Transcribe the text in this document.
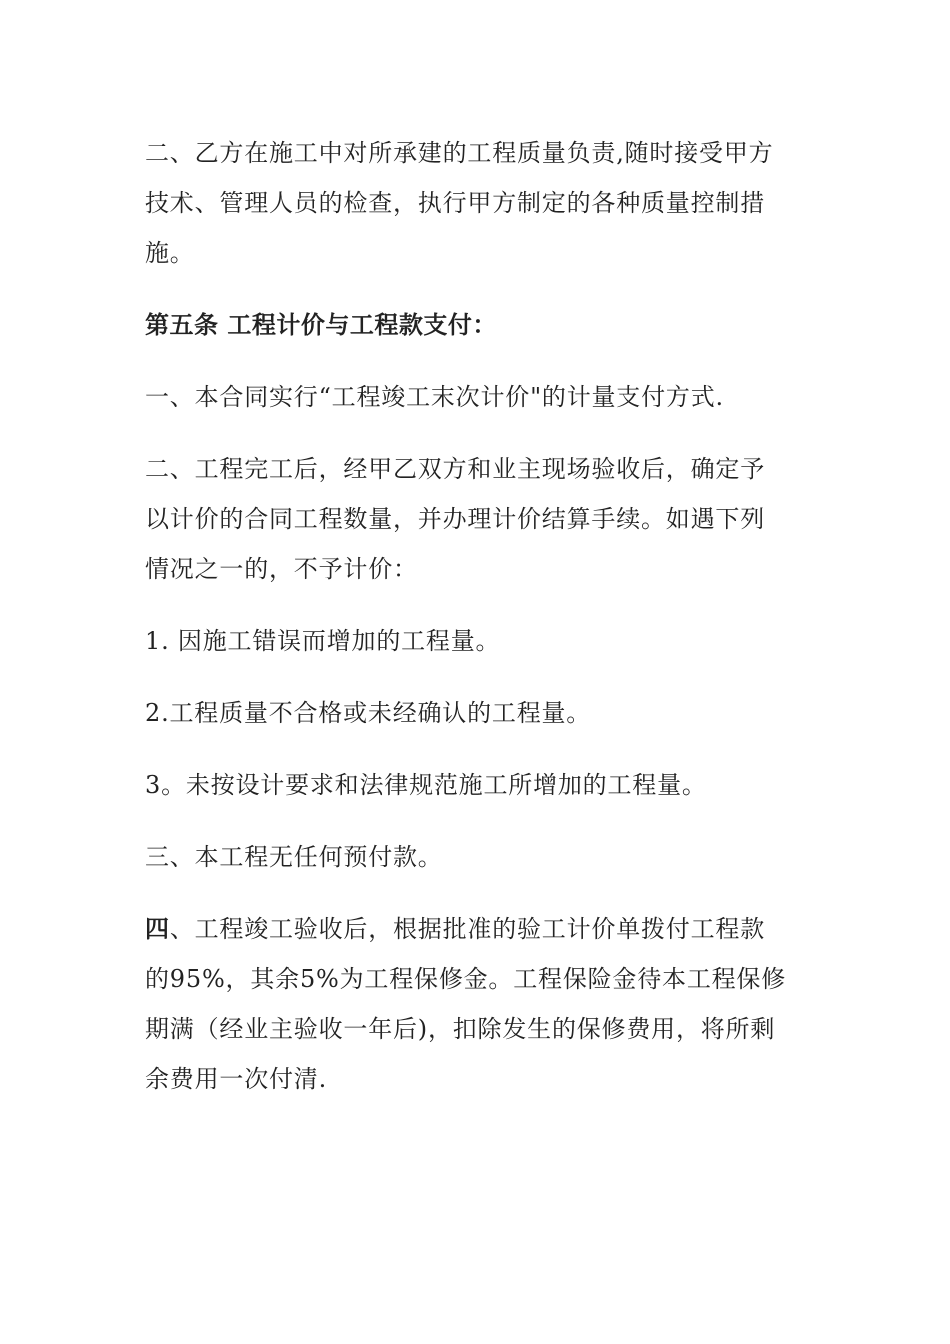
二、乙方在施工中对所承建的工程质量负责,随时接受甲方
技术、管理人员的检查，执行甲方制定的各种质量控制措
施。
第五条 工程计价与工程款支付：
一、本合同实行“工程竣工末次计价"的计量支付方式.
二、工程完工后，经甲乙双方和业主现场验收后，确定予
以计价的合同工程数量，并办理计价结算手续。如遇下列
情况之一的，不予计价：
1. 因施工错误而增加的工程量。
2.工程质量不合格或未经确认的工程量。
3。未按设计要求和法律规范施工所增加的工程量。
三、本工程无任何预付款。
四、工程竣工验收后，根据批准的验工计价单拨付工程款
的95%，其余5%为工程保修金。工程保险金待本工程保修
期满（经业主验收一年后)，扣除发生的保修费用，将所剩
余费用一次付清.
